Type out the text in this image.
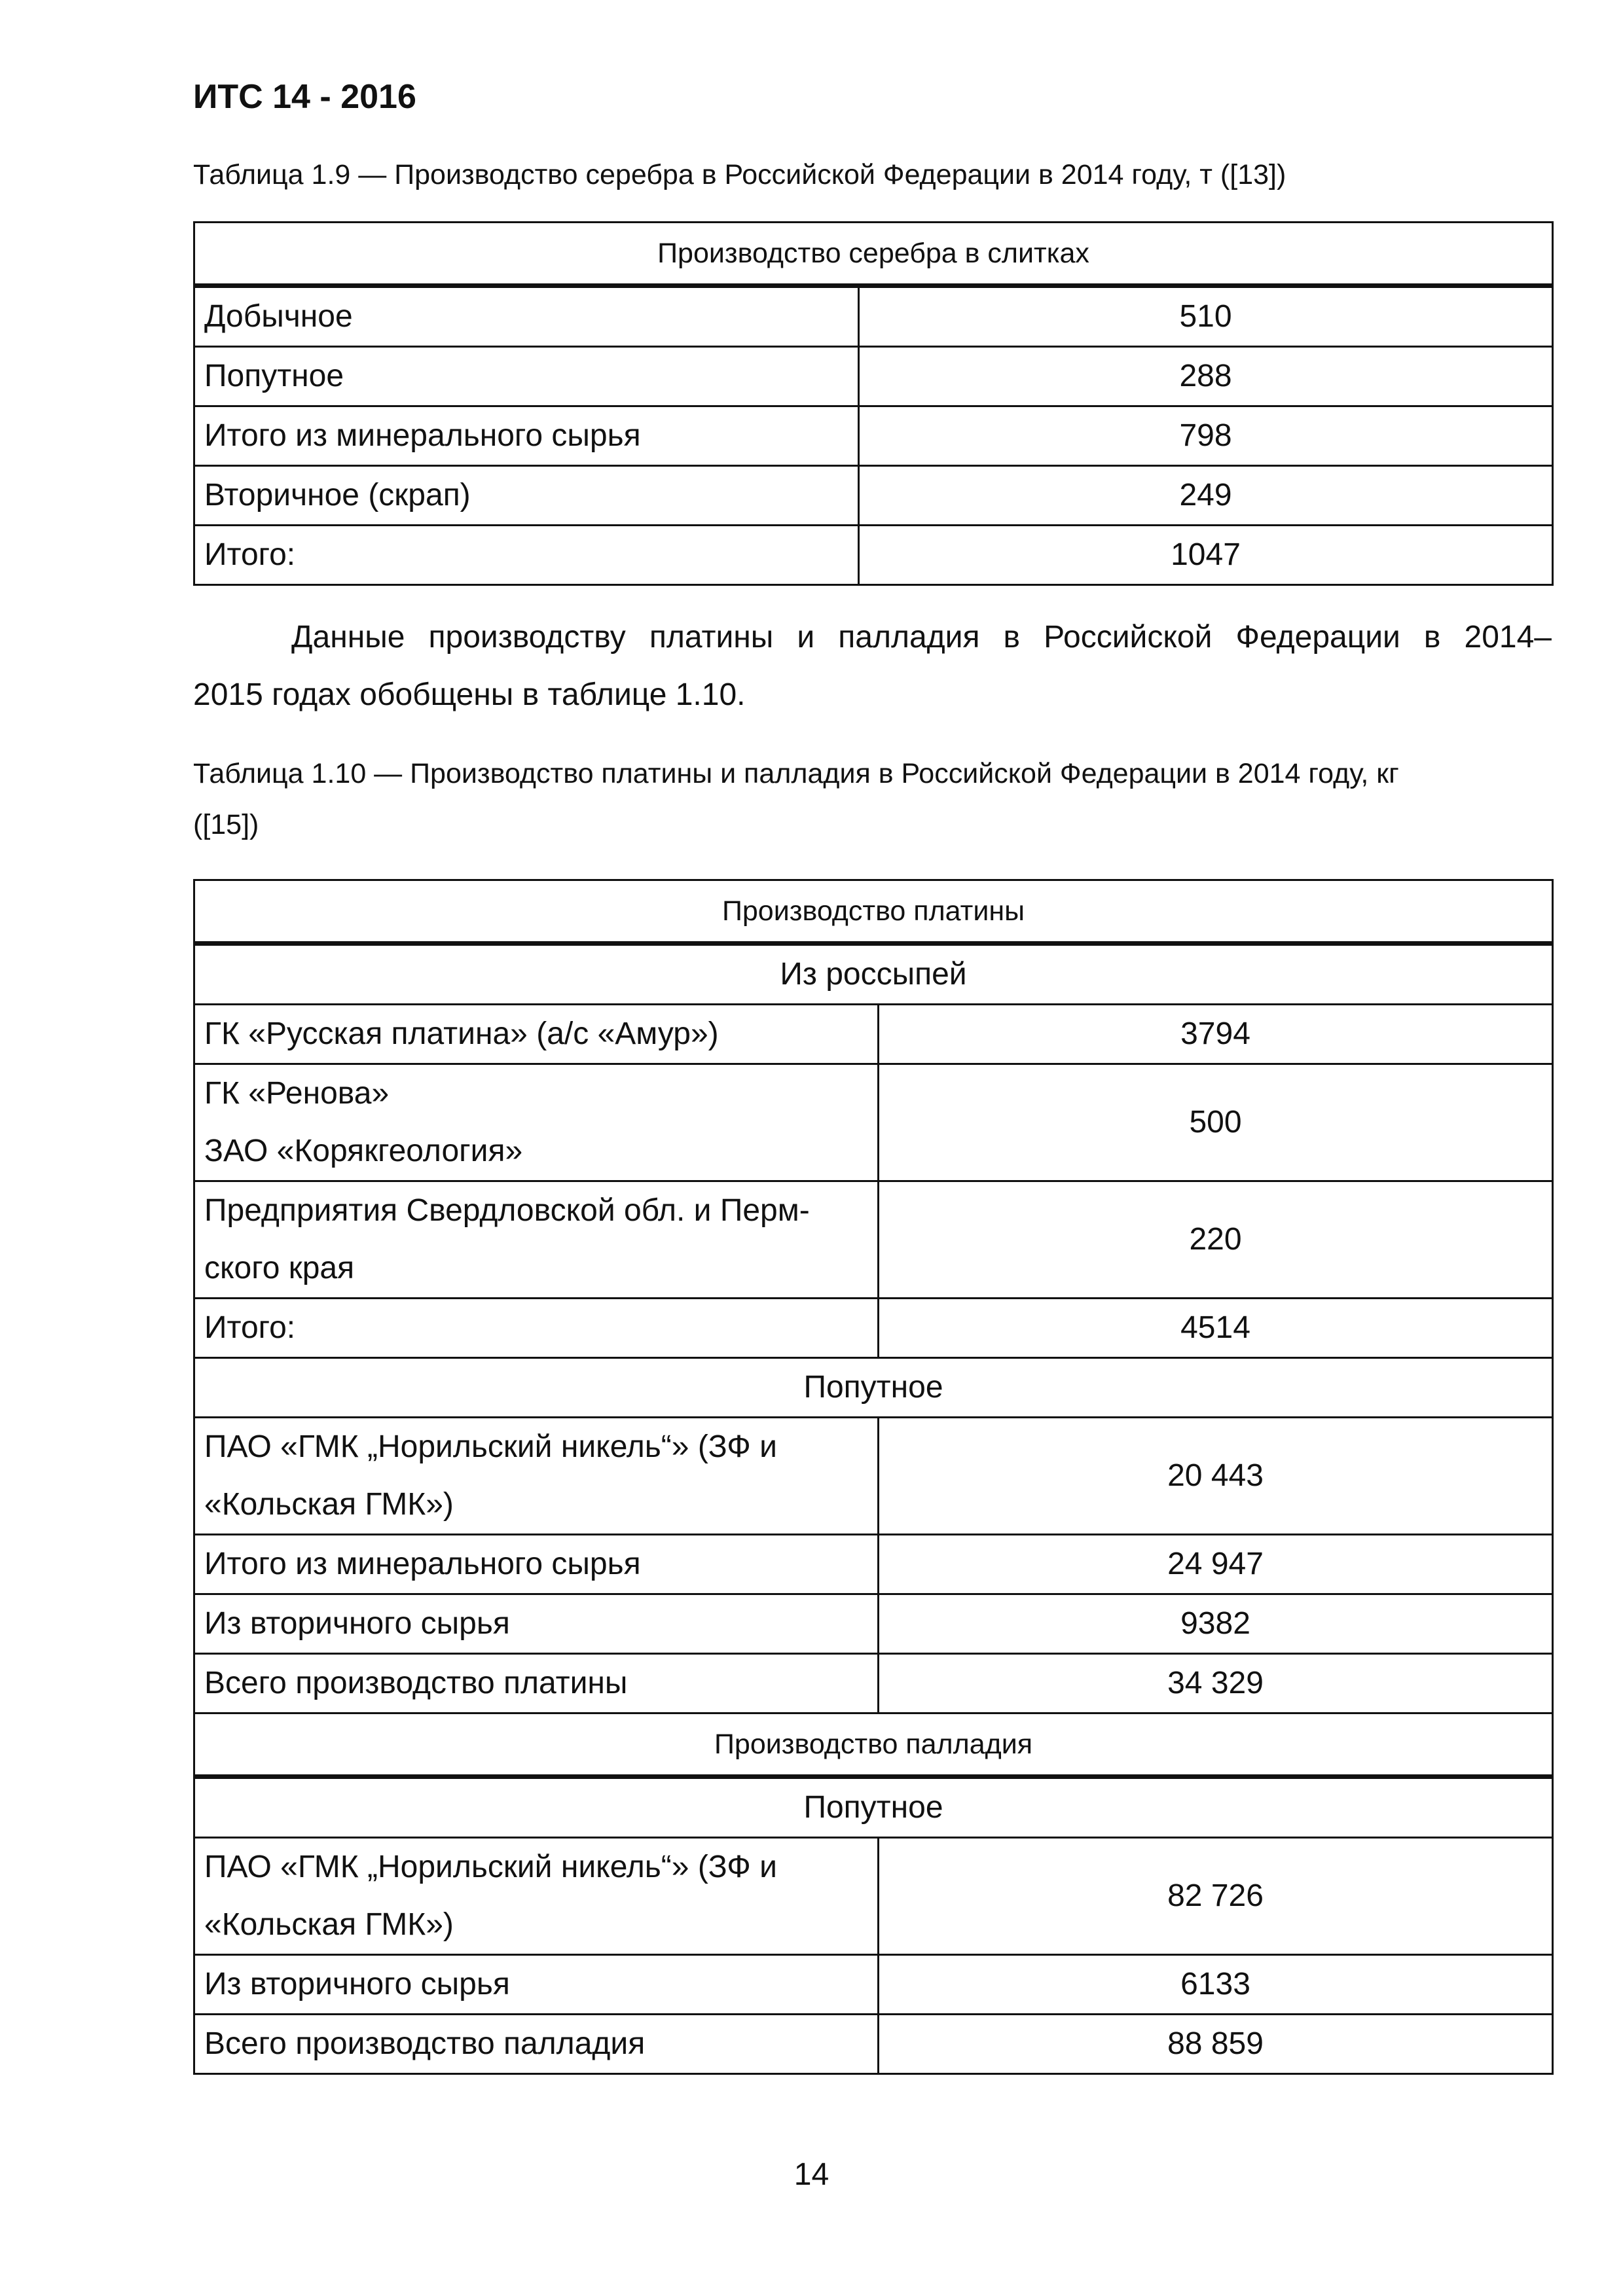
ИТС 14 - 2016
Таблица 1.9 — Производство серебра в Российской Федерации в 2014 году, т ([13])
Производство серебра в слитках	
Добычное	510
Попутное	288
Итого из минерального сырья	798
Вторичное (скрап)	249
Итого:	1047
Данные производству платины и палладия в Российской Федерации в 2014–
2015 годах обобщены в таблице 1.10.
Таблица 1.10 — Производство платины и палладия в Российской Федерации в 2014 году, кг
([15])
Производство платины	
Из россыпей	

ГК «Русская платина» (а/с «Амур»)	3794

ГК «Ренова»
ЗАО «Корякгеология»	500

Предприятия Свердловской обл. и Перм-
ского края	220

Итого:	4514
Попутное	

ПАО «ГМК „Норильский никель“» (ЗФ и
«Кольская ГМК»)	20 443

Итого из минерального сырья	24 947

Из вторичного сырья	9382

Всего производство платины	34 329
Производство палладия	
Попутное	

ПАО «ГМК „Норильский никель“» (ЗФ и
«Кольская ГМК»)	82 726

Из вторичного сырья	6133

Всего производство палладия	88 859
14
